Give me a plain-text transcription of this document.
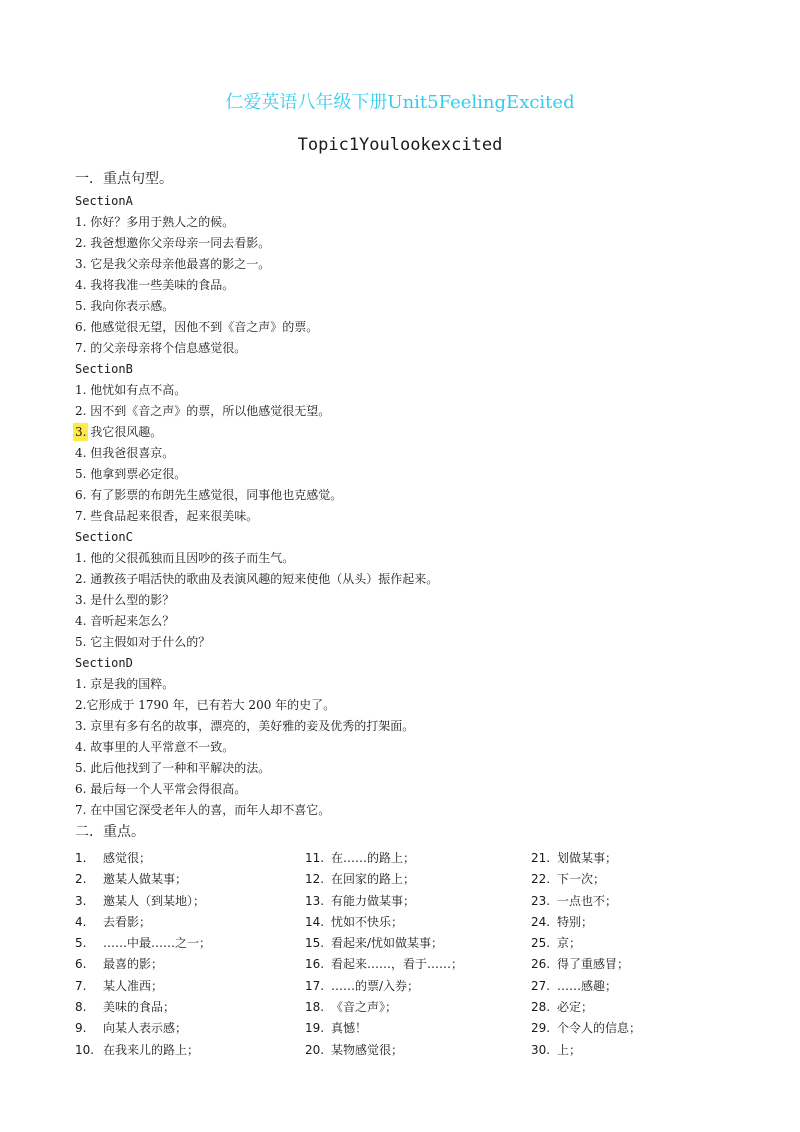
仁爱英语八年级下册Unit5FeelingExcited
Topic1Youlookexcited
一．重点句型。
SectionA
1. 你好？多用于熟人之的候。
2. 我爸想邀你父亲母亲一同去看影。
3. 它是我父亲母亲他最喜的影之一。
4. 我将我准一些美味的食品。
5. 我向你表示感。
6. 他感觉很无望，因他不到《音之声》的票。
7. 的父亲母亲将个信息感觉很。
SectionB
1. 他忧如有点不高。
2. 因不到《音之声》的票，所以他感觉很无望。
3. 我它很风趣。
4. 但我爸很喜京。
5. 他拿到票必定很。
6. 有了影票的布朗先生感觉很，同事他也克感觉。
7. 些食品起来很香，起来很美味。
SectionC
1. 他的父很孤独而且因吵的孩子而生气。
2. 通教孩子唱活快的歌曲及表演风趣的短来使他（从头）振作起来。
3. 是什么型的影？
4. 音听起来怎么？
5. 它主假如对于什么的？
SectionD
1. 京是我的国粹。
2.它形成于 1790 年，已有若大 200 年的史了。
3. 京里有多有名的故事，漂亮的，美好雅的妾及优秀的打架面。
4. 故事里的人平常意不一致。
5. 此后他找到了一种和平解决的法。
6. 最后每一个人平常会得很高。
7. 在中国它深受老年人的喜，而年人却不喜它。
二．重点。
1. 感觉很；	11. 在……的路上；	21. 划做某事；
2. 邀某人做某事；	12. 在回家的路上；	22. 下一次；
3. 邀某人（到某地）；	13. 有能力做某事；	23. 一点也不；
4. 去看影；	14. 忧如不快乐；	24. 特别；
5. ……中最……之一；	15. 看起来/忧如做某事；	25. 京；
6. 最喜的影；	16. 看起来……，看于……；	26. 得了重感冒；
7. 某人准西；	17. ……的票/入券；	27. ……感趣；
8. 美味的食品；	18. 《音之声》；	28. 必定；
9. 向某人表示感；	19. 真憾！	29. 个令人的信息；
10. 在我来儿的路上；	20. 某物感觉很；	30. 上；
